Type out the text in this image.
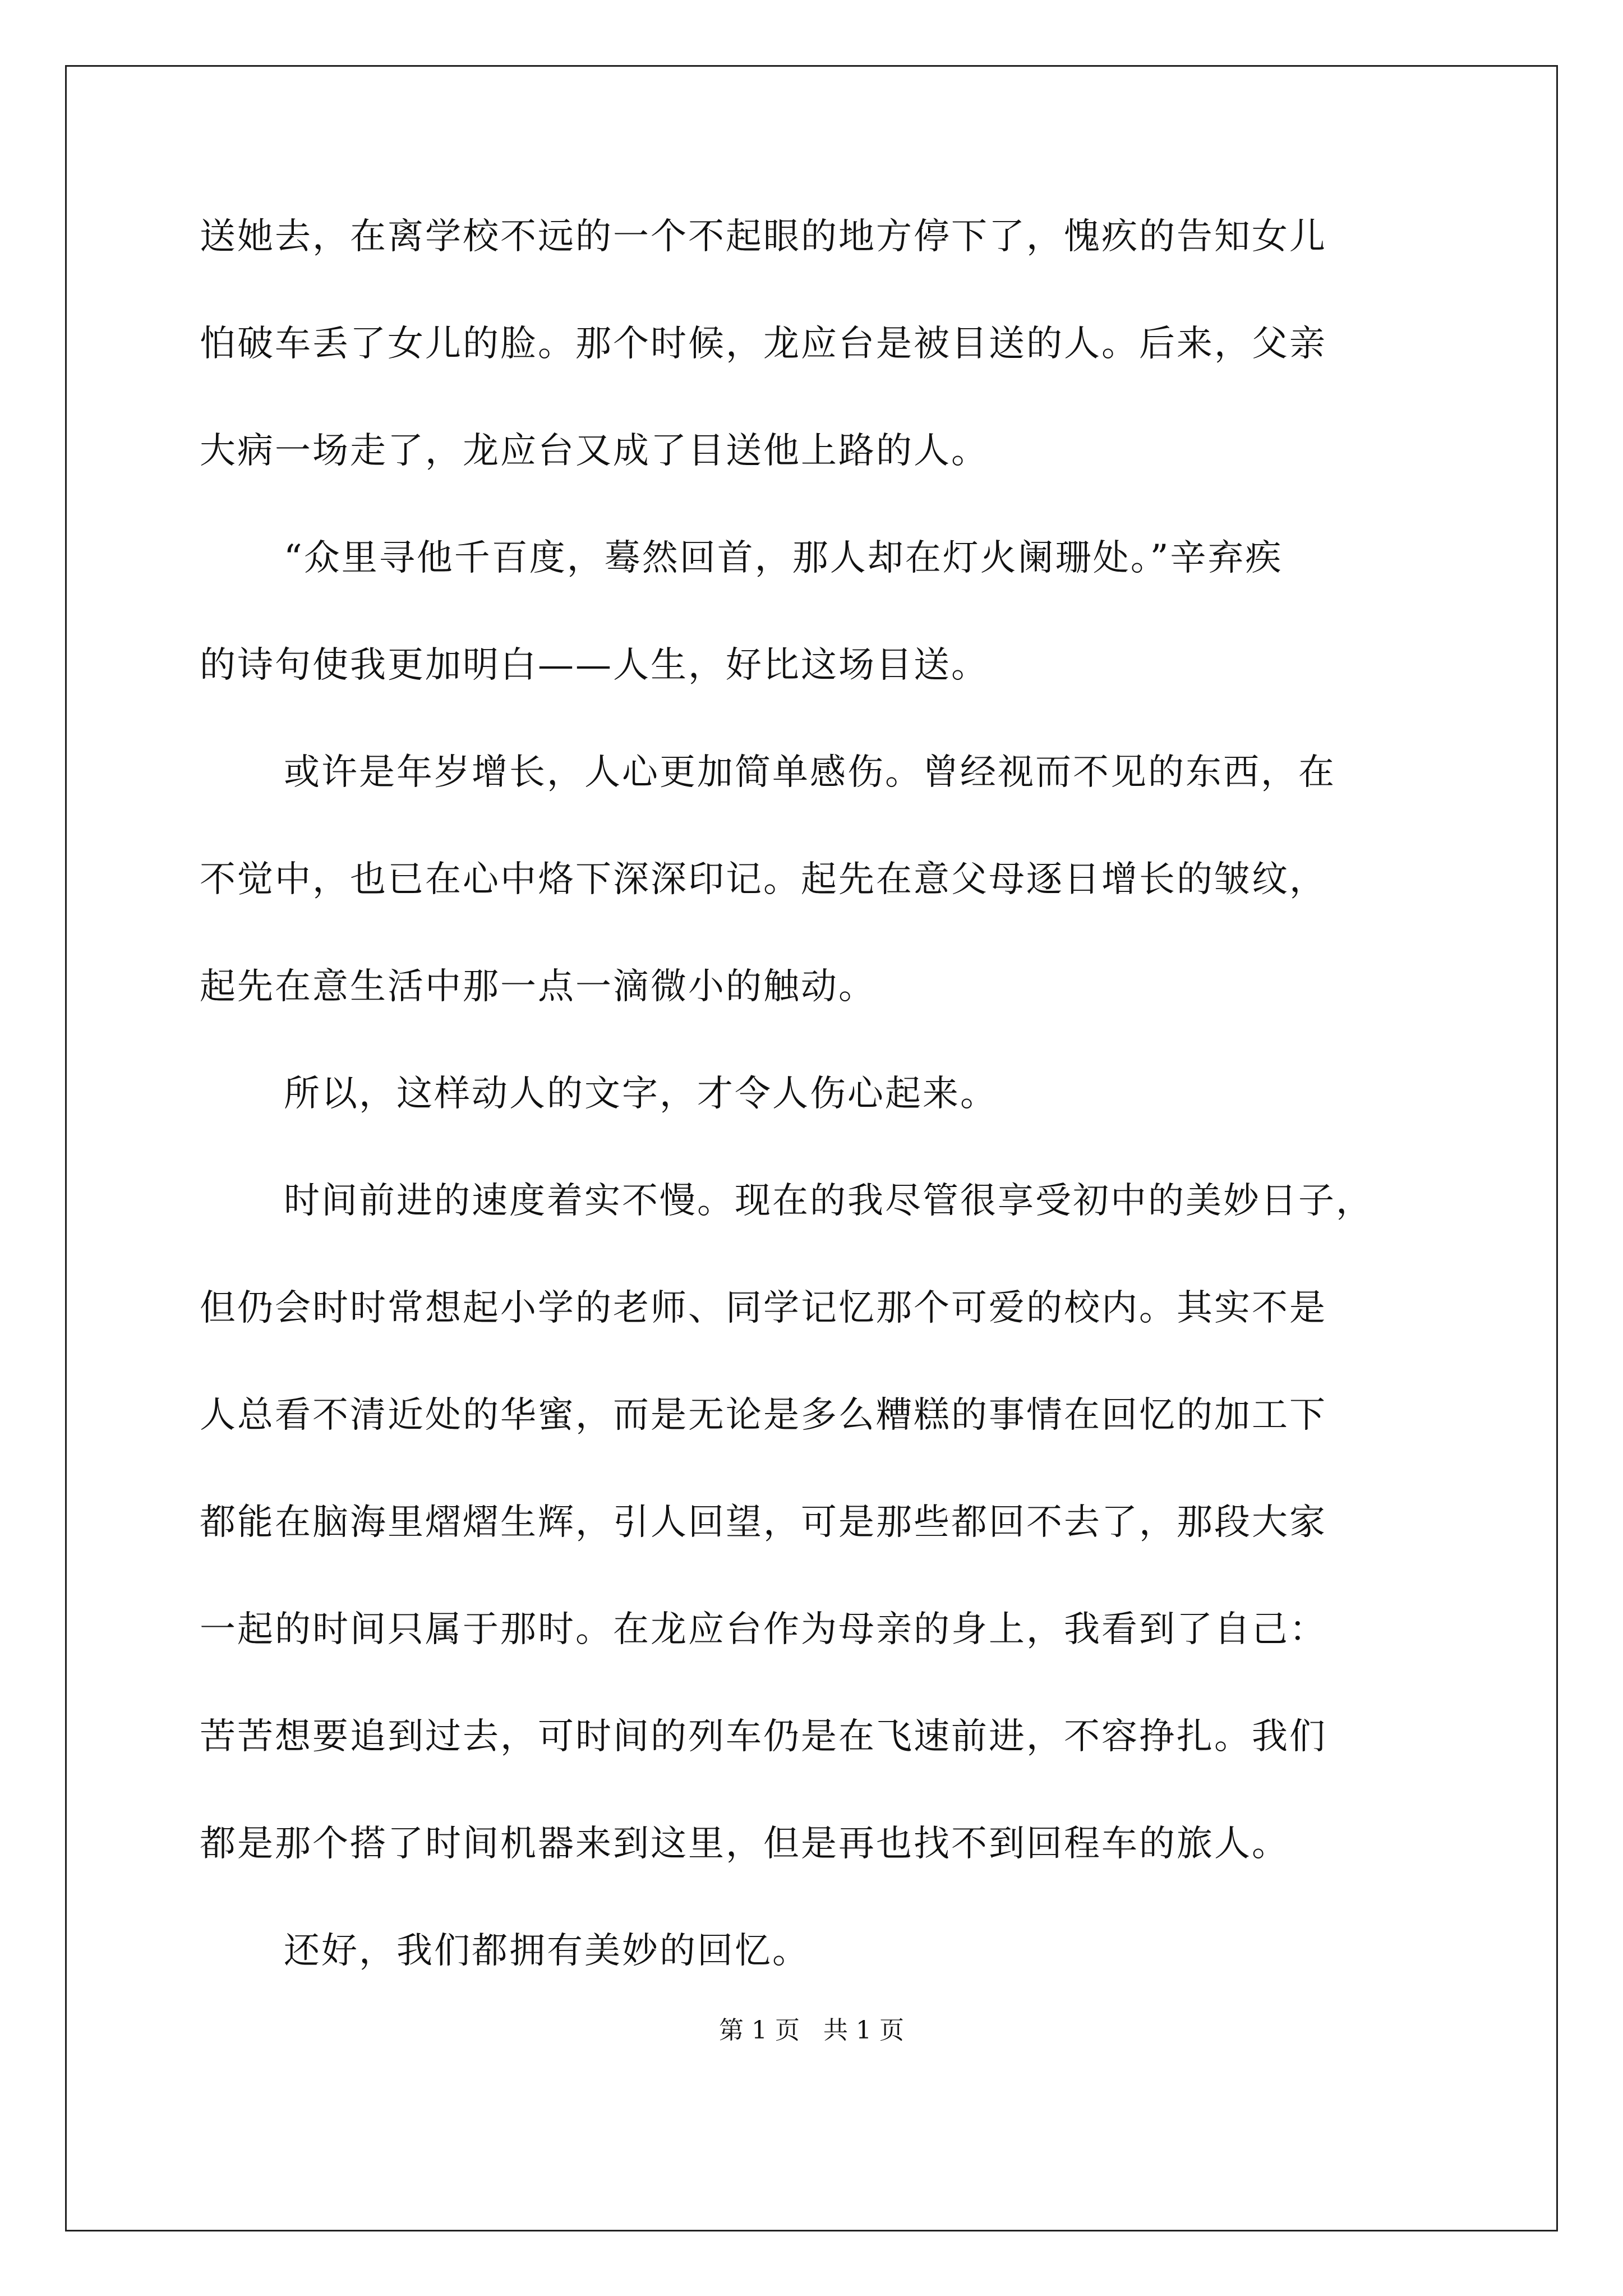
送她去，在离学校不远的一个不起眼的地方停下了，愧疚的告知女儿
怕破车丢了女儿的脸。那个时候，龙应台是被目送的人。后来，父亲
大病一场走了，龙应台又成了目送他上路的人。
“众里寻他千百度，蓦然回首，那人却在灯火阑珊处。”辛弃疾
的诗句使我更加明白——人生，好比这场目送。
或许是年岁增长，人心更加简单感伤。曾经视而不见的东西，在
不觉中，也已在心中烙下深深印记。起先在意父母逐日增长的皱纹，
起先在意生活中那一点一滴微小的触动。
所以，这样动人的文字，才令人伤心起来。
时间前进的速度着实不慢。现在的我尽管很享受初中的美妙日子，
但仍会时时常想起小学的老师、同学记忆那个可爱的校内。其实不是
人总看不清近处的华蜜，而是无论是多么糟糕的事情在回忆的加工下
都能在脑海里熠熠生辉，引人回望，可是那些都回不去了，那段大家
一起的时间只属于那时。在龙应台作为母亲的身上，我看到了自己：
苦苦想要追到过去，可时间的列车仍是在飞速前进，不容挣扎。我们
都是那个搭了时间机器来到这里，但是再也找不到回程车的旅人。
还好，我们都拥有美妙的回忆。
第 1 页   共 1 页
